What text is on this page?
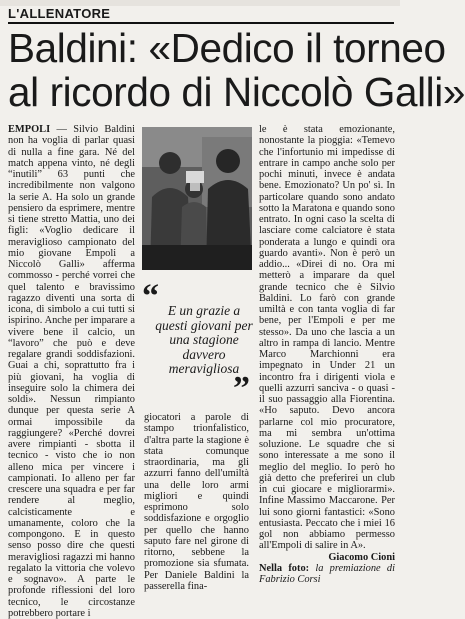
L'ALLENATORE
Baldini: «Dedico il torneo
al ricordo di Niccolò Galli»

EMPOLI — Silvio Baldini non ha voglia di parlar quasi di nulla a fine gara. Né del match appena vinto, né degli “inutili” 63 punti che incredibilmente non valgono la serie A. Ha solo un grande pensiero da esprimere, mentre si tiene stretto Mattia, uno dei figli: «Voglio dedicare il meraviglioso campionato del mio giovane Empoli a Niccolò Galli» afferma commosso - perché vorrei che quel talento e bravissimo ragazzo diventi una sorta di icona, di simbolo a cui tutti si ispirino. Anche per imparare a vivere bene il calcio, un “lavoro” che può e deve regalare grandi soddisfazioni. Guai a chi, soprattutto fra i più giovani, ha voglia di inseguire solo la chimera dei soldi». Nessun rimpianto dunque per questa serie A ormai impossibile da raggiungere? «Perché dovrei avere rimpianti - sbotta il tecnico - visto che io non alleno mica per vincere i campionati. Io alleno per far crescere una squadra e per far rendere al meglio, calcisticamente e umanamente, coloro che la compongono. E in questo senso posso dire che questi meravigliosi ragazzi mi hanno regalato la vittoria che volevo e sognavo». A parte le profonde riflessioni del loro tecnico, le circostanze potrebbero portare i

“ E un grazie a questi giovani per una stagione davvero meravigliosa
”

giocatori a parole di stampo trionfalistico, d'altra parte la stagione è stata comunque straordinaria, ma gli azzurri fanno dell'umiltà una delle loro armi migliori e quindi esprimono solo soddisfazione e orgoglio per quello che hanno saputo fare nel girone di ritorno, sebbene la promozione sia sfumata. Per Daniele Baldini la passerella fina-

le è stata emozionante, nonostante la pioggia: «Temevo che l'infortunio mi impedisse di entrare in campo anche solo per pochi minuti, invece è andata bene. Emozionato? Un po' sì. In particolare quando sono andato sotto la Maratona e quando sono entrato. In ogni caso la scelta di lasciare come calciatore è stata ponderata a lungo e quindi ora guardo avanti». Non è però un addio... «Direi di no. Ora mi metterò a imparare da quel grande tecnico che è Silvio Baldini. Lo farò con grande umiltà e con tanta voglia di far bene, per l'Empoli e per me stesso». Da uno che lascia a un altro in rampa di lancio. Mentre Marco Marchionni era impegnato in Under 21 un incontro fra i dirigenti viola e quelli azzurri sanciva - o quasi - il suo passaggio alla Fiorentina. «Ho saputo. Devo ancora parlarne col mio procuratore, ma mi sembra un'ottima soluzione. Le squadre che si sono interessate a me sono il meglio del meglio. Io però ho già detto che preferirei un club in cui giocare e migliorarmi». Infine Massimo Maccarone. Per lui sono giorni fantastici: «Sono entusiasta. Peccato che i miei 16 gol non abbiamo permesso all'Empoli di salire in A».

Giacomo Cioni

Nella foto: la premiazione di Fabrizio Corsi
